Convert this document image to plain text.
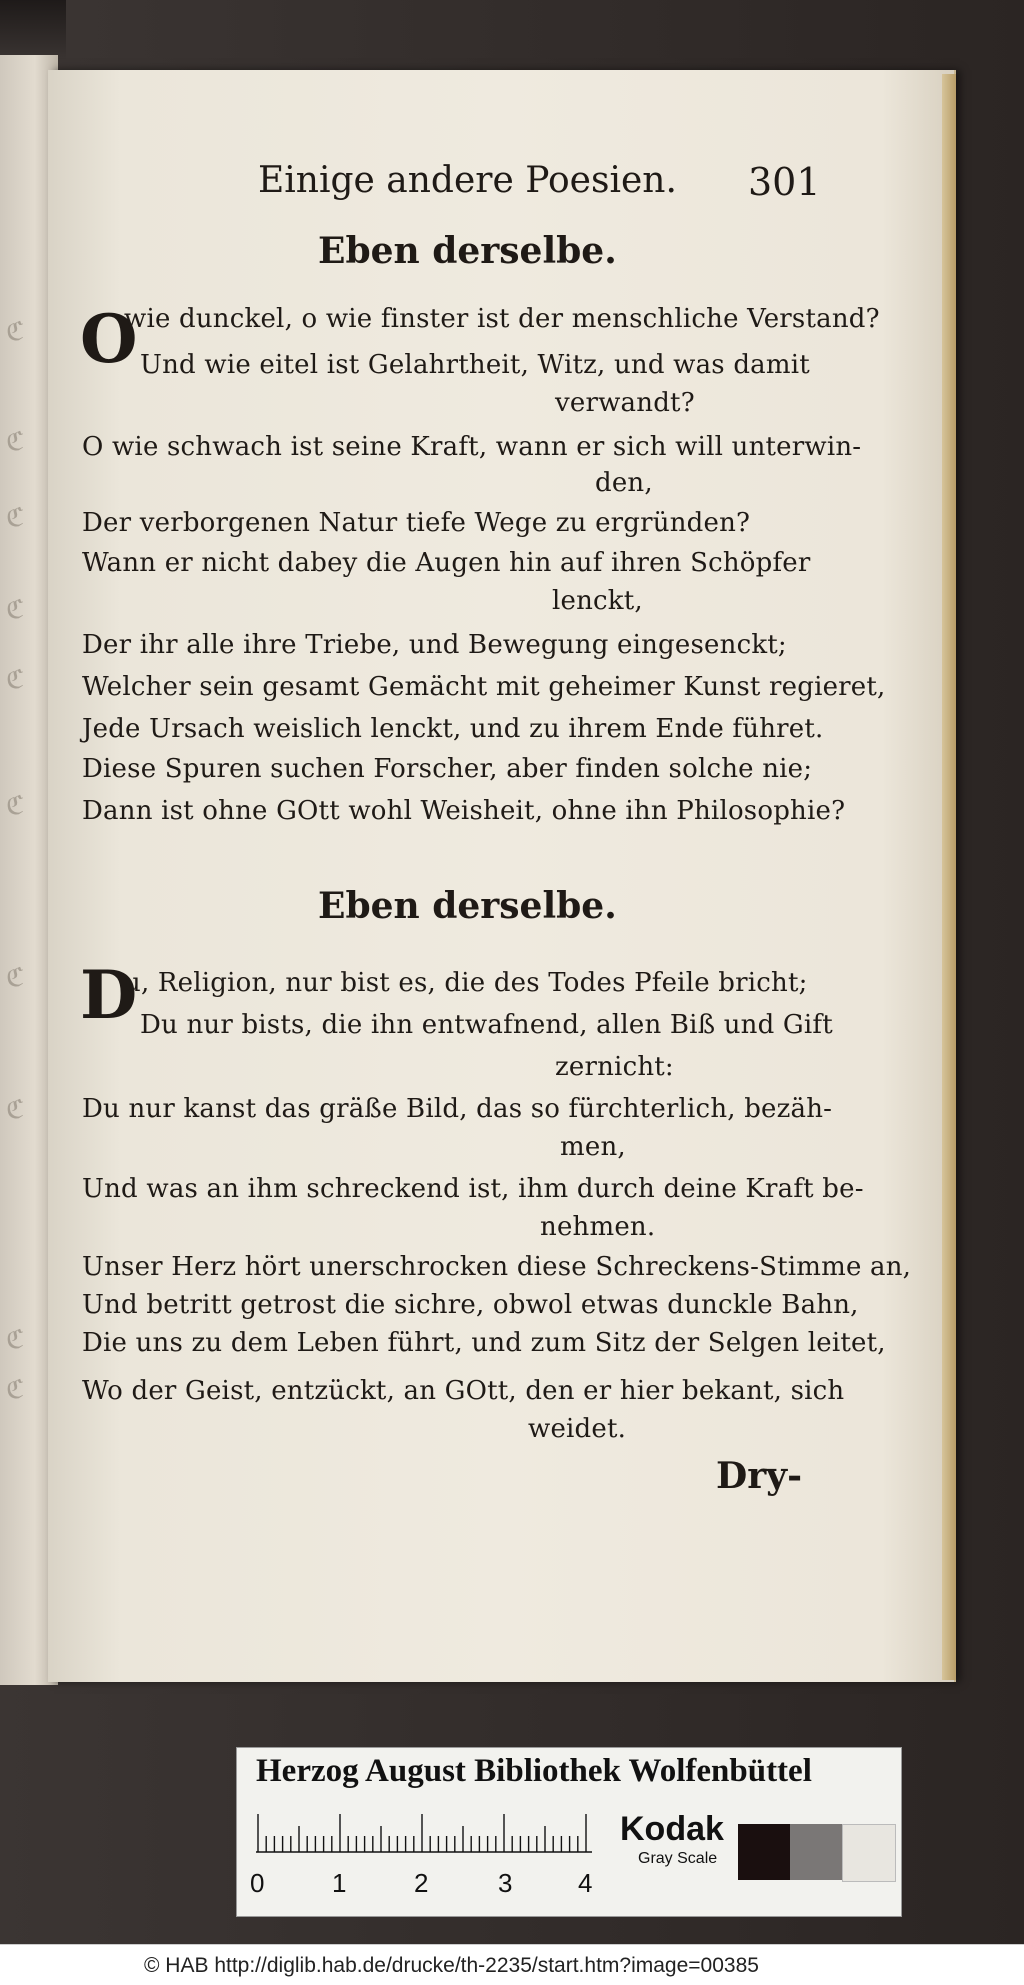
ℭ
ℭ
ℭ
ℭ
ℭ
ℭ
ℭ
ℭ
ℭ
ℭ
Einige andere Poesien. 301
Eben derselbe.
O
wie dunckel, o wie finster ist der menschliche Verstand?
Und wie eitel ist Gelahrtheit, Witz, und was damit
verwandt?
O wie schwach ist seine Kraft, wann er sich will unterwin-
den,
Der verborgenen Natur tiefe Wege zu ergründen?
Wann er nicht dabey die Augen hin auf ihren Schöpfer
lenckt,
Der ihr alle ihre Triebe, und Bewegung eingesenckt;
Welcher sein gesamt Gemächt mit geheimer Kunst regieret,
Jede Ursach weislich lenckt, und zu ihrem Ende führet.
Diese Spuren suchen Forscher, aber finden solche nie;
Dann ist ohne GOtt wohl Weisheit, ohne ihn Philosophie?
Eben derselbe.
D
u, Religion, nur bist es, die des Todes Pfeile bricht;
Du nur bists, die ihn entwafnend, allen Biß und Gift
zernicht:
Du nur kanst das gräße Bild, das so fürchterlich, bezäh-
men,
Und was an ihm schreckend ist, ihm durch deine Kraft be-
nehmen.
Unser Herz hört unerschrocken diese Schreckens-Stimme an,
Und betritt getrost die sichre, obwol etwas dunckle Bahn,
Die uns zu dem Leben führt, und zum Sitz der Selgen leitet,
Wo der Geist, entzückt, an GOtt, den er hier bekant, sich
weidet.
Dry-
Herzog August Bibliothek Wolfenbüttel
0	1	2	3	4
Kodak
Gray Scale
© HAB http://diglib.hab.de/drucke/th-2235/start.htm?image=00385
